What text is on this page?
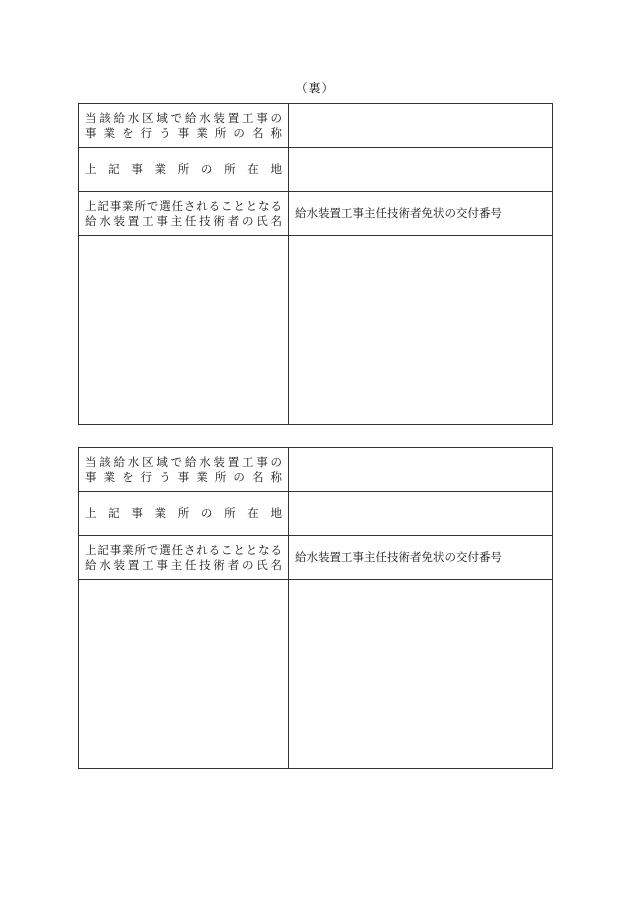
（裏）
当該給水区域で給水装置工事の
事業を行う事業所の名称	

上記事業所の所在地	

上記事業所で選任されることとなる
給水装置工事主任技術者の氏名	給水装置工事主任技術者免状の交付番号

当該給水区域で給水装置工事の
事業を行う事業所の名称	

上記事業所の所在地	

上記事業所で選任されることとなる
給水装置工事主任技術者の氏名	給水装置工事主任技術者免状の交付番号
